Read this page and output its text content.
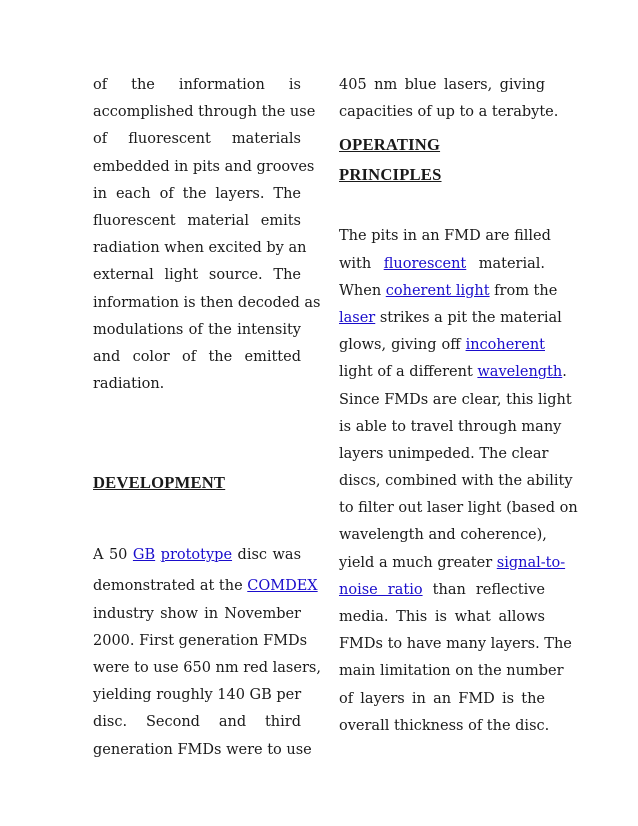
of the information is
accomplished through the use
of fluorescent materials
embedded in pits and grooves
in each of the layers. The
fluorescent material emits
radiation when excited by an
external light source. The
information is then decoded as
modulations of the intensity
and color of the emitted
radiation.
DEVELOPMENT
A 50 GB prototype disc was
demonstrated at the COMDEX
industry show in November
2000. First generation FMDs
were to use 650 nm red lasers,
yielding roughly 140 GB per
disc. Second and third
generation FMDs were to use
405 nm blue lasers, giving
capacities of up to a terabyte.
OPERATING PRINCIPLES
The pits in an FMD are filled
with fluorescent material.
When coherent light from the
laser strikes a pit the material
glows, giving off incoherent
light of a different wavelength.
Since FMDs are clear, this light
is able to travel through many
layers unimpeded. The clear
discs, combined with the ability
to filter out laser light (based on
wavelength and coherence),
yield a much greater signal-to-
noise ratio than reflective
media. This is what allows
FMDs to have many layers. The
main limitation on the number
of layers in an FMD is the
overall thickness of the disc.
